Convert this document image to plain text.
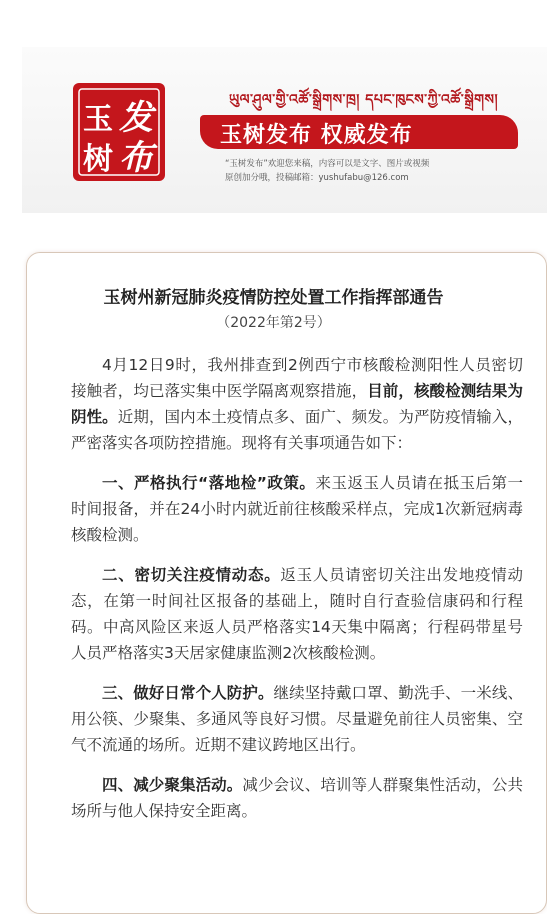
玉
树
发
布
ཡུལ་ཤུལ་གྱི་འཚོ་སྒྲིགས་ཁྲ། དཔང་ཁུངས་ཀྱི་འཚོ་སྒྲིགས།
玉树发布 权威发布
“玉树发布”欢迎您来稿，内容可以是文字、图片或视频
原创加分哦，投稿邮箱：yushufabu@126.com
玉树州新冠肺炎疫情防控处置工作指挥部通告
（2022年第2号）

4月12日9时，我州排查到2例西宁市核酸检测阳性人员密切接触者，均已落实集中医学隔离观察措施，目前，核酸检测结果为阴性。近期，国内本土疫情点多、面广、频发。为严防疫情输入，严密落实各项防控措施。现将有关事项通告如下：

一、严格执行“落地检”政策。来玉返玉人员请在抵玉后第一时间报备，并在24小时内就近前往核酸采样点，完成1次新冠病毒核酸检测。

二、密切关注疫情动态。返玉人员请密切关注出发地疫情动态，在第一时间社区报备的基础上，随时自行查验信康码和行程码。中高风险区来返人员严格落实14天集中隔离；行程码带星号人员严格落实3天居家健康监测2次核酸检测。

三、做好日常个人防护。继续坚持戴口罩、勤洗手、一米线、用公筷、少聚集、多通风等良好习惯。尽量避免前往人员密集、空气不流通的场所。近期不建议跨地区出行。

四、减少聚集活动。减少会议、培训等人群聚集性活动，公共场所与他人保持安全距离。
